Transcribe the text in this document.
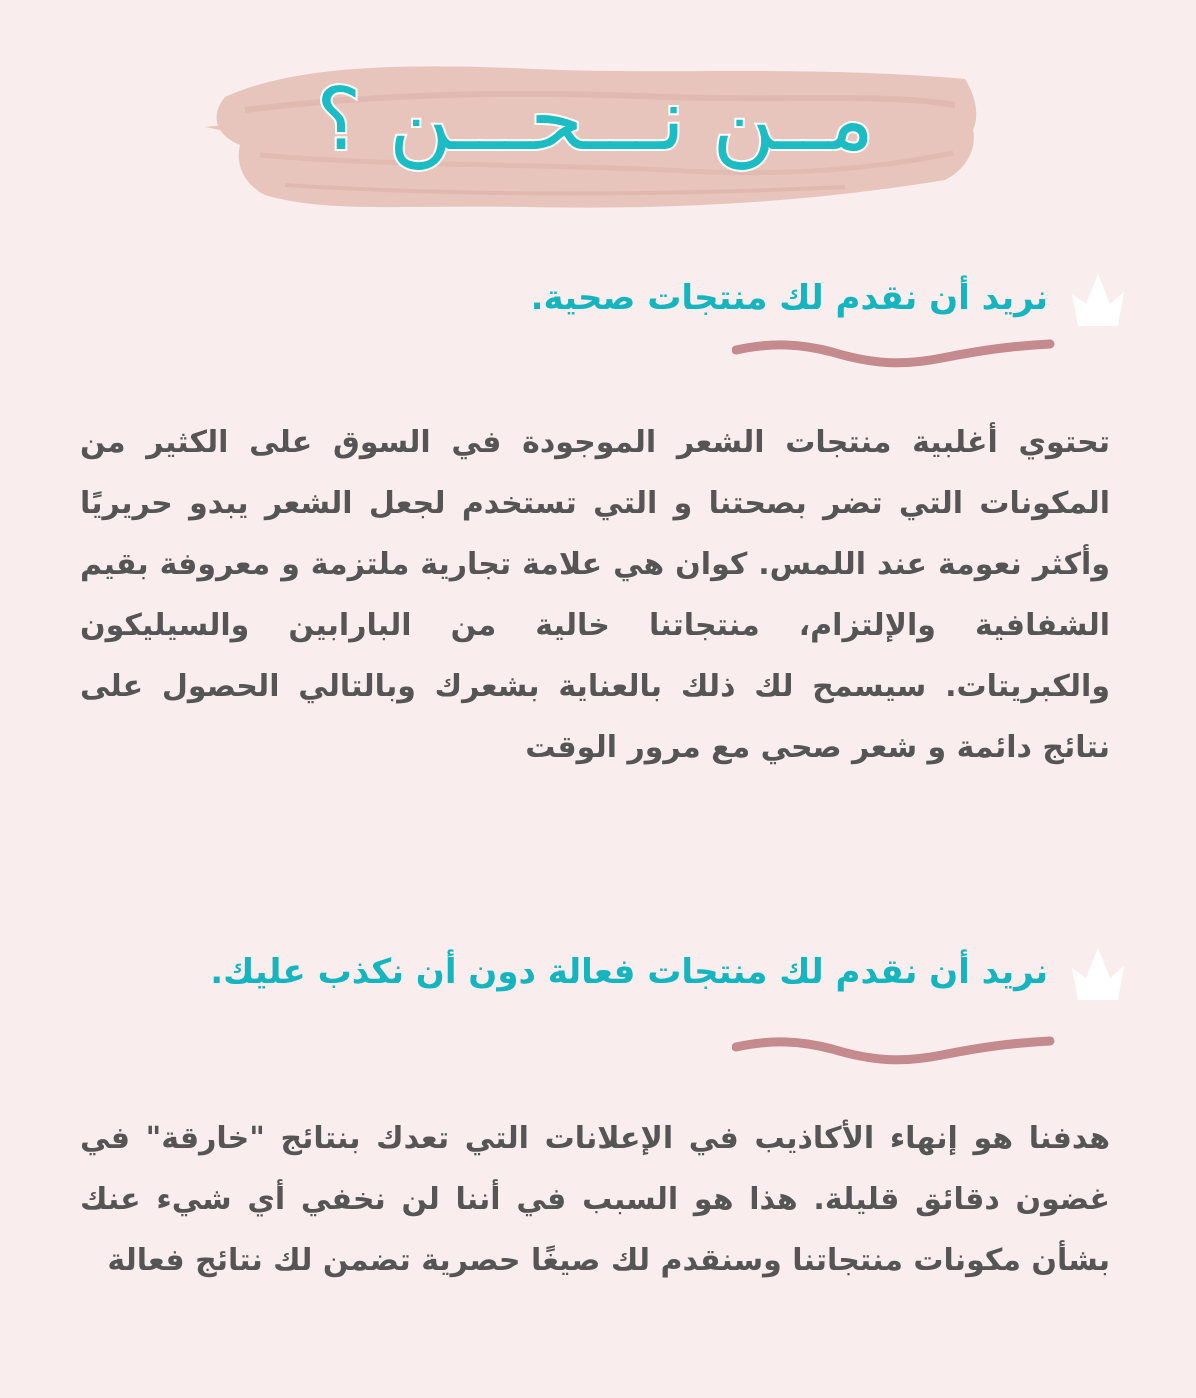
مــن نـــحـــن ؟
نريد أن نقدم لك منتجات صحية.

تحتوي أغلبية منتجات الشعر الموجودة في السوق على الكثير من المكونات التي تضر بصحتنا و التي تستخدم لجعل الشعر يبدو حريريًا وأكثر نعومة عند اللمس. كوان هي علامة تجارية ملتزمة و معروفة بقيم الشفافية والإلتزام، منتجاتنا خالية من البارابين والسيليكون والكبريتات. سيسمح لك ذلك بالعناية بشعرك وبالتالي الحصول على نتائج دائمة و شعر صحي مع مرور الوقت

نريد أن نقدم لك منتجات فعالة دون أن نكذب عليك.

هدفنا هو إنهاء الأكاذيب في الإعلانات التي تعدك بنتائج "خارقة" في غضون دقائق قليلة. هذا هو السبب في أننا لن نخفي أي شيء عنك بشأن مكونات منتجاتنا وسنقدم لك صيغًا حصرية تضمن لك نتائج فعالة
